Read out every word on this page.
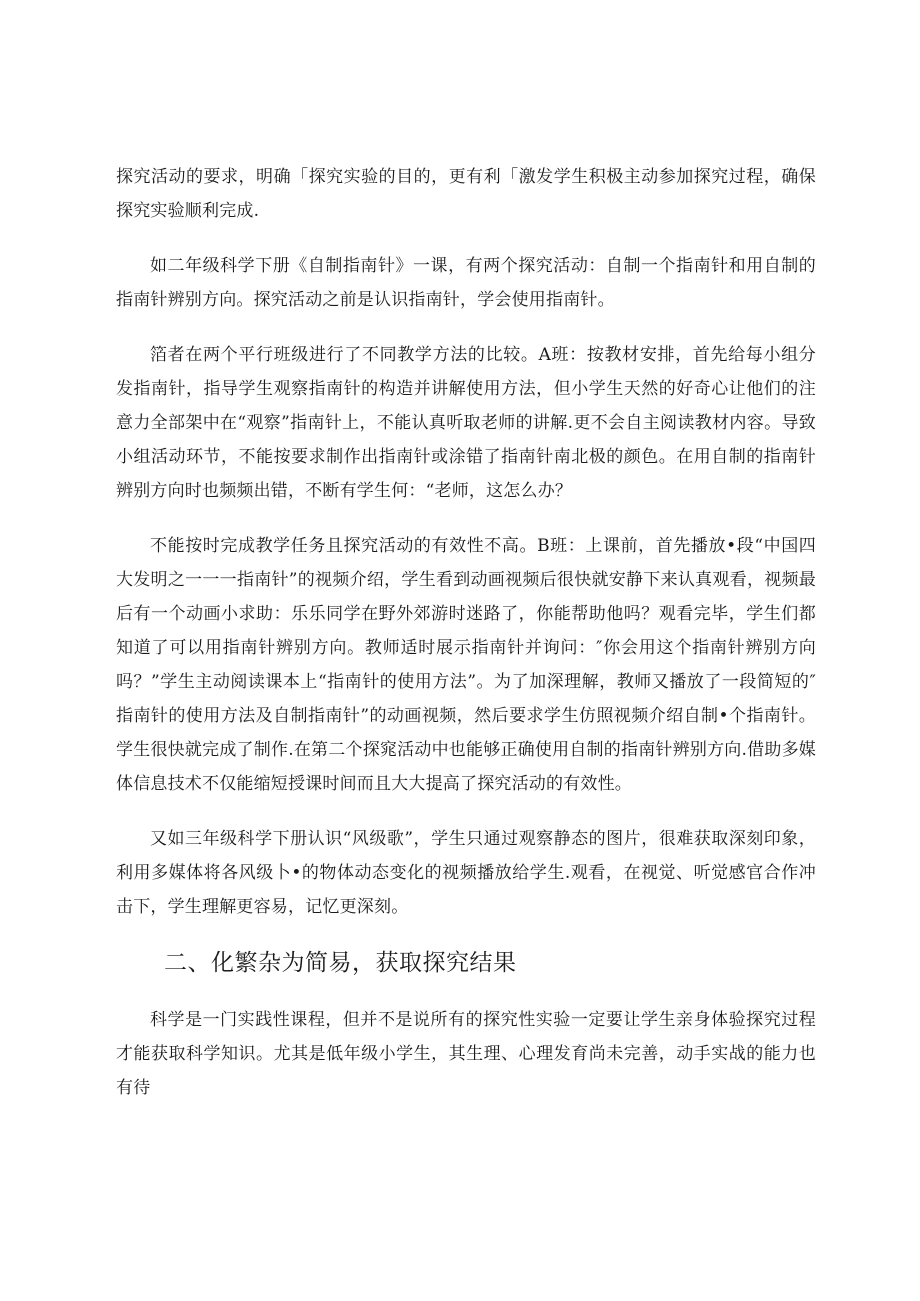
探究活动的要求，明确「探究实验的目的，更有利「激发学生积极主动参加探究过程，确保探究实验顺利完成.

如二年级科学下册《自制指南针》一课，有两个探究活动：自制一个指南针和用自制的指南针辨别方向。探究活动之前是认识指南针，学会使用指南针。

箔者在两个平行班级进行了不同教学方法的比较。A班：按教材安排，首先给每小组分发指南针，指导学生观察指南针的构造并讲解使用方法，但小学生天然的好奇心让他们的注意力全部架中在“观察”指南针上，不能认真听取老师的讲解.更不会自主阅读教材内容。导致小组活动环节，不能按要求制作出指南针或涂错了指南针南北极的颜色。在用自制的指南针辨别方向时也频频出错，不断有学生何：“老师，这怎么办？

不能按时完成教学任务且探究活动的有效性不高。B班：上课前，首先播放•段“中国四大发明之一一一指南针”的视频介绍，学生看到动画视频后很快就安静下来认真观看，视频最后有一个动画小求助：乐乐同学在野外郊游时迷路了，你能帮助他吗？观看完毕，学生们都知道了可以用指南针辨别方向。教师适时展示指南针并询问：″你会用这个指南针辨别方向吗？”学生主动阅读课本上“指南针的使用方法”。为了加深理解，教师又播放了一段简短的″指南针的使用方法及自制指南针”的动画视频，然后要求学生仿照视频介绍自制•个指南针。学生很快就完成了制作.在第二个探窕活动中也能够正确使用自制的指南针辨别方向.借助多媒体信息技术不仅能缩短授课时间而且大大提高了探究活动的有效性。

又如三年级科学下册认识“风级歌”，学生只通过观察静态的图片，很难获取深刻印象，利用多媒体将各风级卜•的物体动态变化的视频播放给学生.观看，在视觉、听觉感官合作冲击下，学生理解更容易，记忆更深刻。

二、化繁杂为简易，获取探究结果

科学是一门实践性课程，但并不是说所有的探究性实验一定要让学生亲身体验探究过程才能获取科学知识。尤其是低年级小学生，其生理、心理发育尚未完善，动手实战的能力也有待
